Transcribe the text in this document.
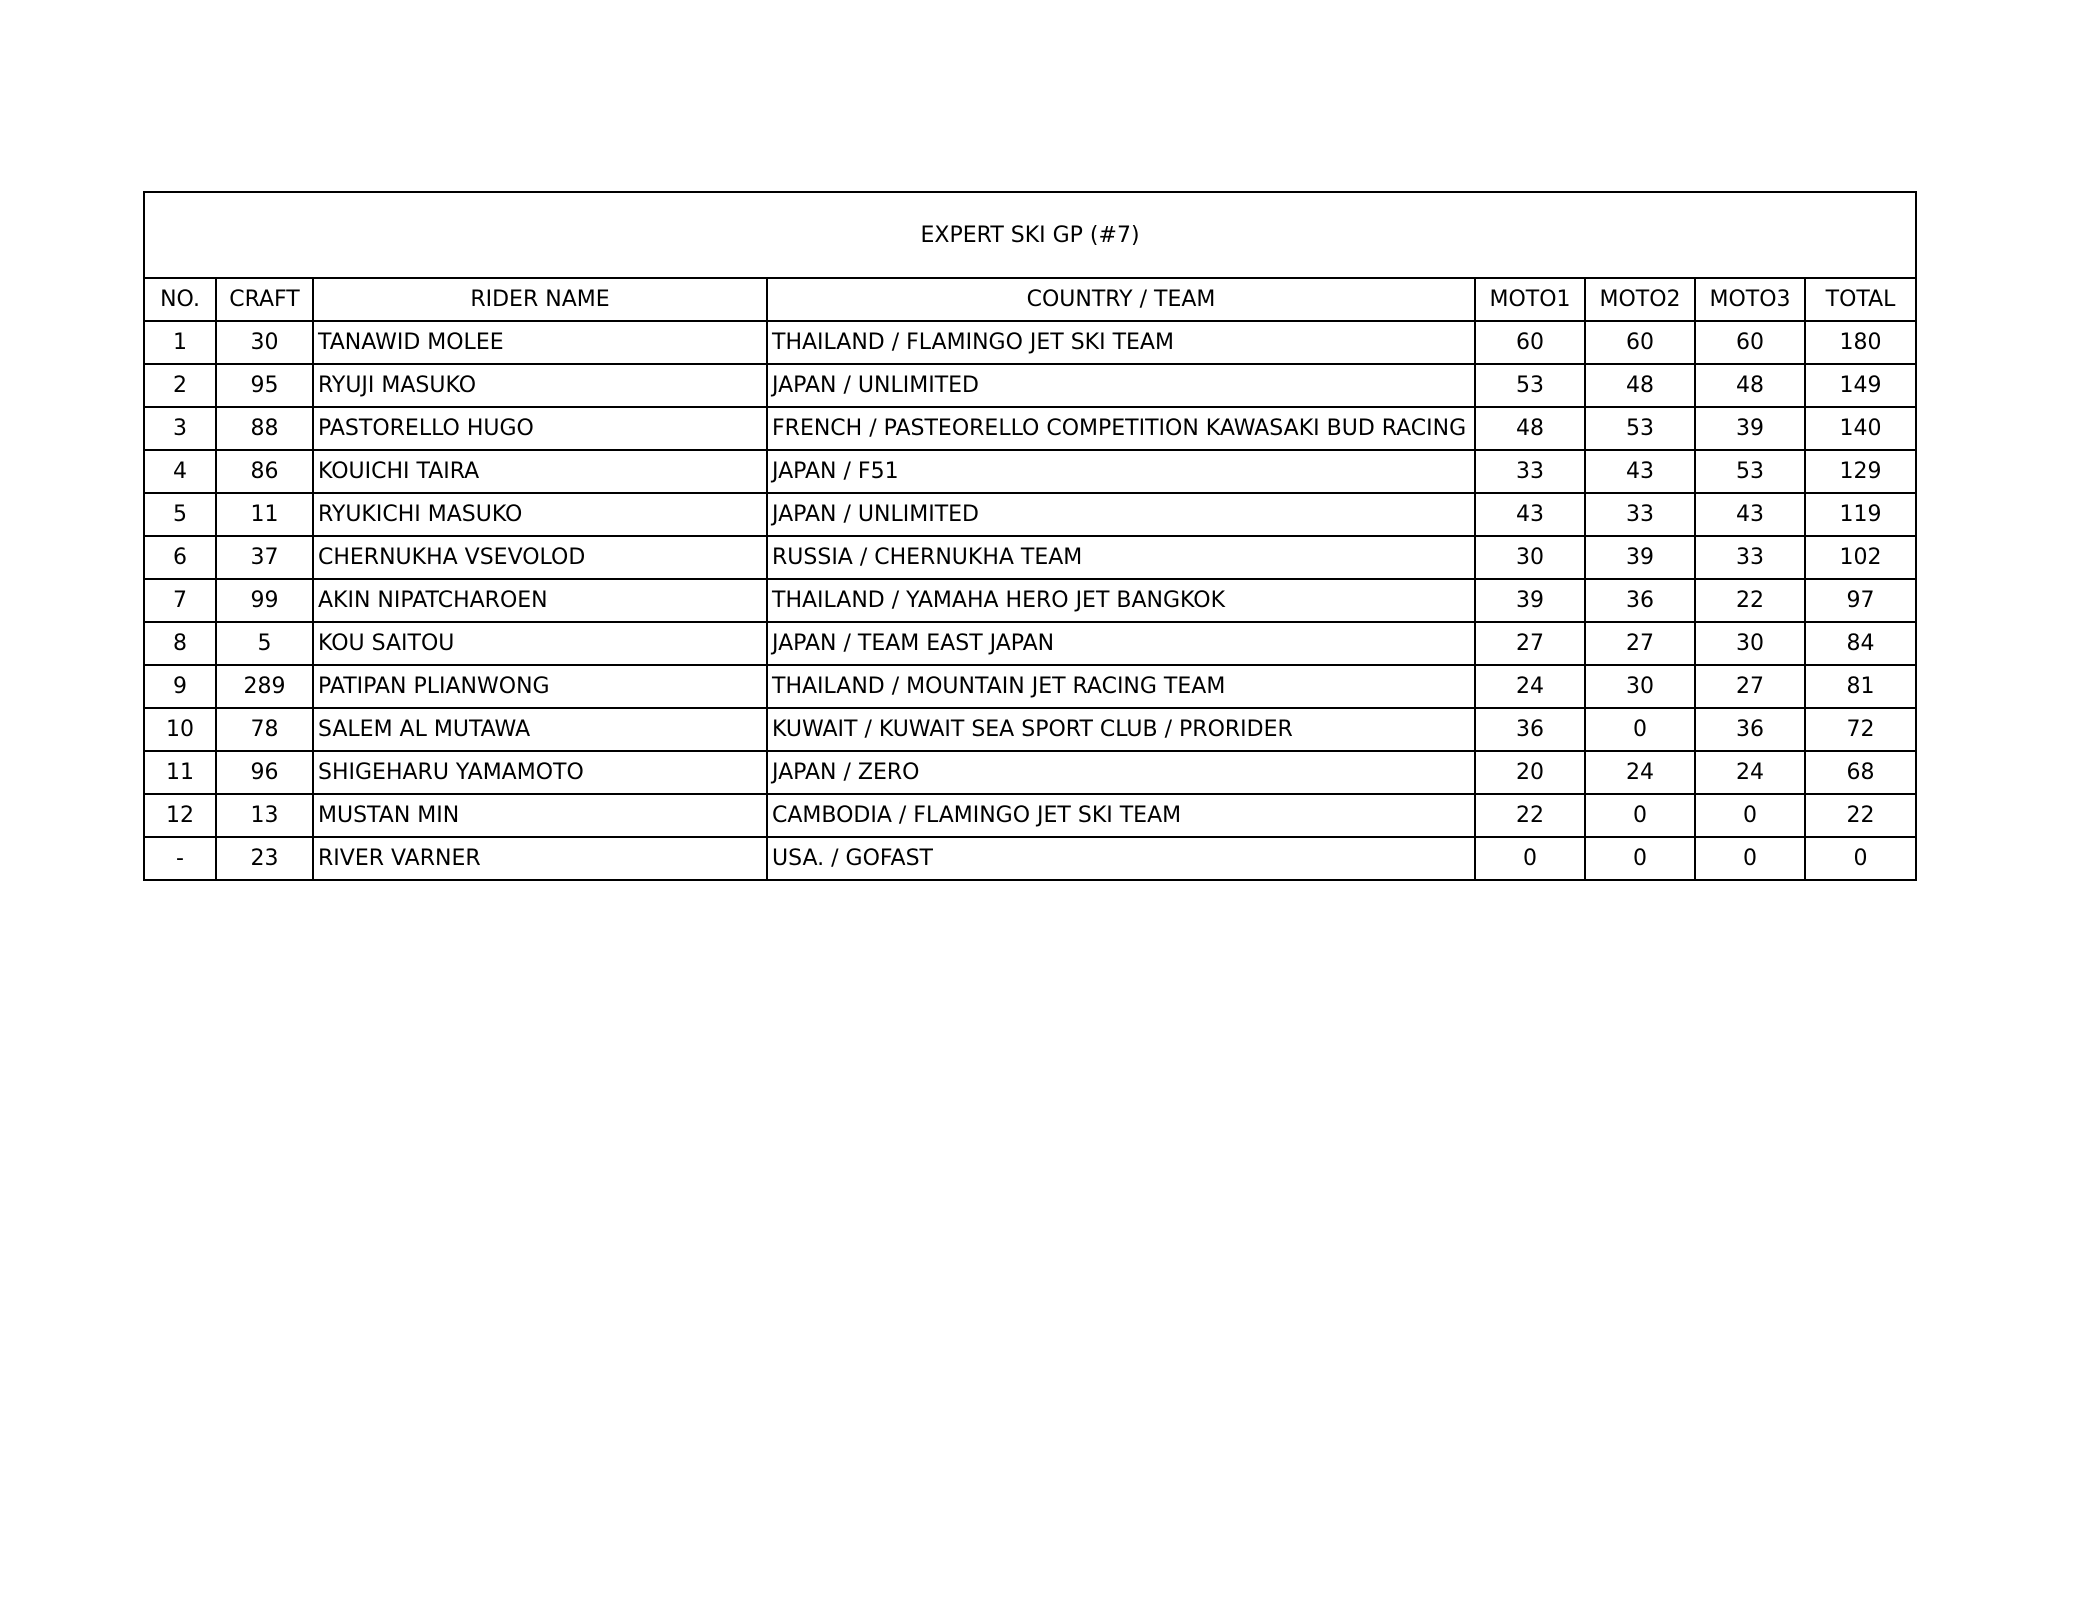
EXPERT SKI GP (#7)							
NO.	CRAFT	RIDER NAME	COUNTRY / TEAM	MOTO1	MOTO2	MOTO3	TOTAL
1	30	TANAWID MOLEE	THAILAND / FLAMINGO JET SKI TEAM	60	60	60	180
2	95	RYUJI MASUKO	JAPAN / UNLIMITED	53	48	48	149
3	88	PASTORELLO HUGO	FRENCH / PASTEORELLO COMPETITION KAWASAKI BUD RACING	48	53	39	140
4	86	KOUICHI TAIRA	JAPAN / F51	33	43	53	129
5	11	RYUKICHI MASUKO	JAPAN / UNLIMITED	43	33	43	119
6	37	CHERNUKHA VSEVOLOD	RUSSIA / CHERNUKHA TEAM	30	39	33	102
7	99	AKIN NIPATCHAROEN	THAILAND / YAMAHA HERO JET BANGKOK	39	36	22	97
8	5	KOU SAITOU	JAPAN / TEAM EAST JAPAN	27	27	30	84
9	289	PATIPAN PLIANWONG	THAILAND / MOUNTAIN JET RACING TEAM	24	30	27	81
10	78	SALEM AL MUTAWA	KUWAIT / KUWAIT SEA SPORT CLUB / PRORIDER	36	0	36	72
11	96	SHIGEHARU YAMAMOTO	JAPAN / ZERO	20	24	24	68
12	13	MUSTAN MIN	CAMBODIA / FLAMINGO JET SKI TEAM	22	0	0	22
-	23	RIVER VARNER	USA. / GOFAST	0	0	0	0
